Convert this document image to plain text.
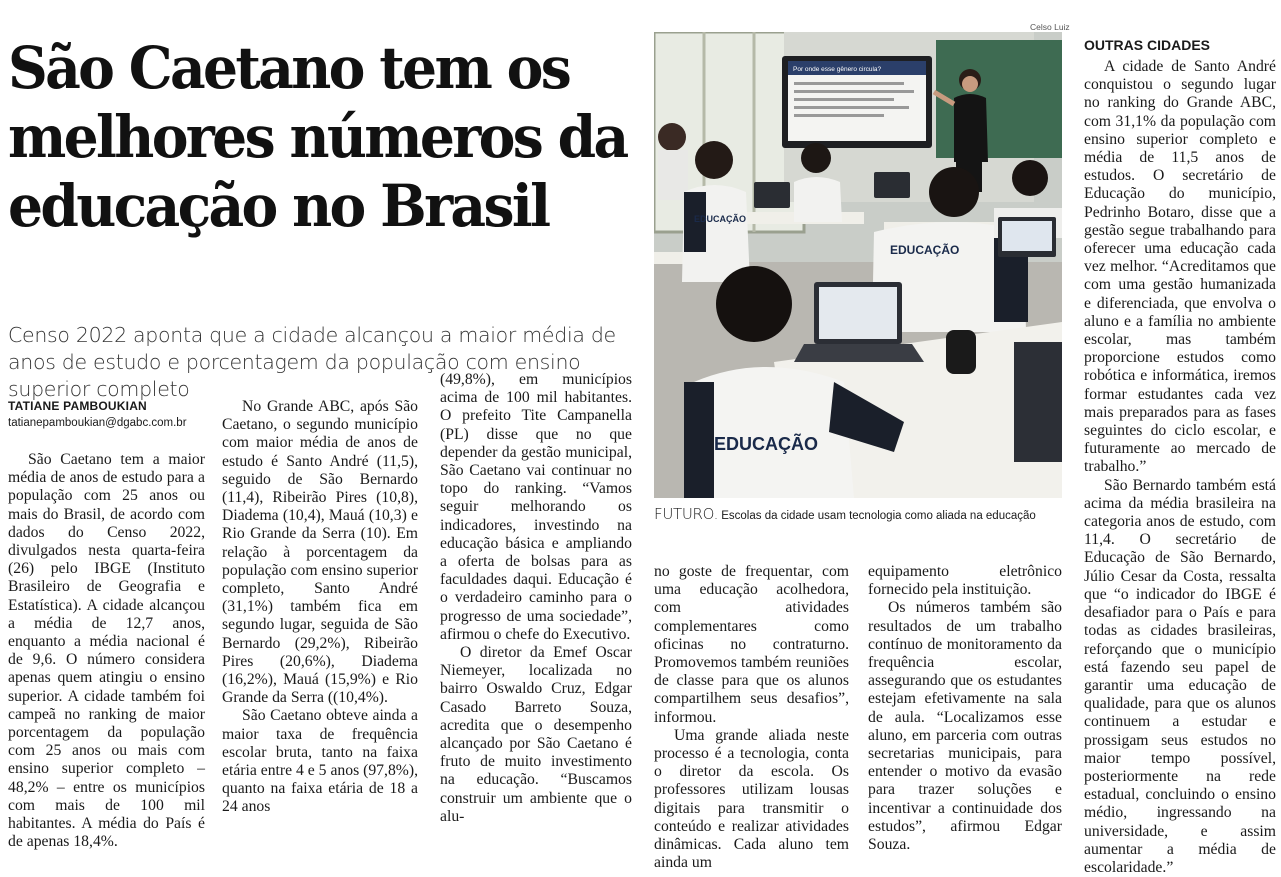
São Caetano tem os
melhores números da
educação no Brasil
Censo 2022 aponta que a cidade alcançou a maior média de anos de estudo e porcentagem da população com ensino superior completo
TATIANE PAMBOUKIAN
tatianepamboukian@dgabc.com.br

São Caetano tem a maior média de anos de estudo para a população com 25 anos ou mais do Brasil, de acordo com dados do Censo 2022, divulgados nesta quarta-feira (26) pelo IBGE (Instituto Brasileiro de Geografia e Estatística). A cidade alcançou a média de 12,7 anos, enquanto a média nacional é de 9,6. O número considera apenas quem atingiu o ensino superior. A cidade também foi campeã no ranking de maior porcentagem da população com 25 anos ou mais com ensino superior completo – 48,2% – entre os municípios com mais de 100 mil habitantes. A média do País é de apenas 18,4%.

No Grande ABC, após São Caetano, o segundo município com maior média de anos de estudo é Santo André (11,5), seguido de São Bernardo (11,4), Ribeirão Pires (10,8), Diadema (10,4), Mauá (10,3) e Rio Grande da Serra (10). Em relação à porcentagem da população com ensino superior completo, Santo André (31,1%) também fica em segundo lugar, seguida de São Bernardo (29,2%), Ribeirão Pires (20,6%), Diadema (16,2%), Mauá (15,9%) e Rio Grande da Serra ((10,4%).

São Caetano obteve ainda a maior taxa de frequência escolar bruta, tanto na faixa etária entre 4 e 5 anos (97,8%), quanto na faixa etária de 18 a 24 anos

(49,8%), em municípios acima de 100 mil habitantes. O prefeito Tite Campanella (PL) disse que no que depender da gestão municipal, São Caetano vai continuar no topo do ranking. “Vamos seguir melhorando os indicadores, investindo na educação básica e ampliando a oferta de bolsas para as faculdades daqui. Educação é o verdadeiro caminho para o progresso de uma sociedade”, afirmou o chefe do Executivo.

O diretor da Emef Oscar Niemeyer, localizada no bairro Oswaldo Cruz, Edgar Casado Barreto Souza, acredita que o desempenho alcançado por São Caetano é fruto de muito investimento na educação. “Buscamos construir um ambiente que o alu-

no goste de frequentar, com uma educação acolhedora, com atividades complementares como oficinas no contraturno. Promovemos também reuniões de classe para que os alunos compartilhem seus desafios”, informou.

Uma grande aliada neste processo é a tecnologia, conta o diretor da escola. Os professores utilizam lousas digitais para transmitir o conteúdo e realizar atividades dinâmicas. Cada aluno tem ainda um

equipamento eletrônico fornecido pela instituição.

Os números também são resultados de um trabalho contínuo de monitoramento da frequência escolar, assegurando que os estudantes estejam efetivamente na sala de aula. “Localizamos esse aluno, em parceria com outras secretarias municipais, para entender o motivo da evasão para trazer soluções e incentivar a continuidade dos estudos”, afirmou Edgar Souza.

Celso Luiz
Por onde esse gênero circula?
EDUCAÇÃO
EDUCAÇÃO
EDUCAÇÃO
FUTURO. Escolas da cidade usam tecnologia como aliada na educação
OUTRAS CIDADES

A cidade de Santo André conquistou o segundo lugar no ranking do Grande ABC, com 31,1% da população com ensino superior completo e média de 11,5 anos de estudos. O secretário de Educação do município, Pedrinho Botaro, disse que a gestão segue trabalhando para oferecer uma educação cada vez melhor. “Acreditamos que com uma gestão humanizada e diferenciada, que envolva o aluno e a família no ambiente escolar, mas também proporcione estudos como robótica e informática, iremos formar estudantes cada vez mais preparados para as fases seguintes do ciclo escolar, e futuramente ao mercado de trabalho.”

São Bernardo também está acima da média brasileira na categoria anos de estudo, com 11,4. O secretário de Educação de São Bernardo, Júlio Cesar da Costa, ressalta que “o indicador do IBGE é desafiador para o País e para todas as cidades brasileiras, reforçando que o município está fazendo seu papel de garantir uma educação de qualidade, para que os alunos continuem a estudar e prossigam seus estudos no maior tempo possível, posteriormente na rede estadual, concluindo o ensino médio, ingressando na universidade, e assim aumentar a média de escolaridade.”
